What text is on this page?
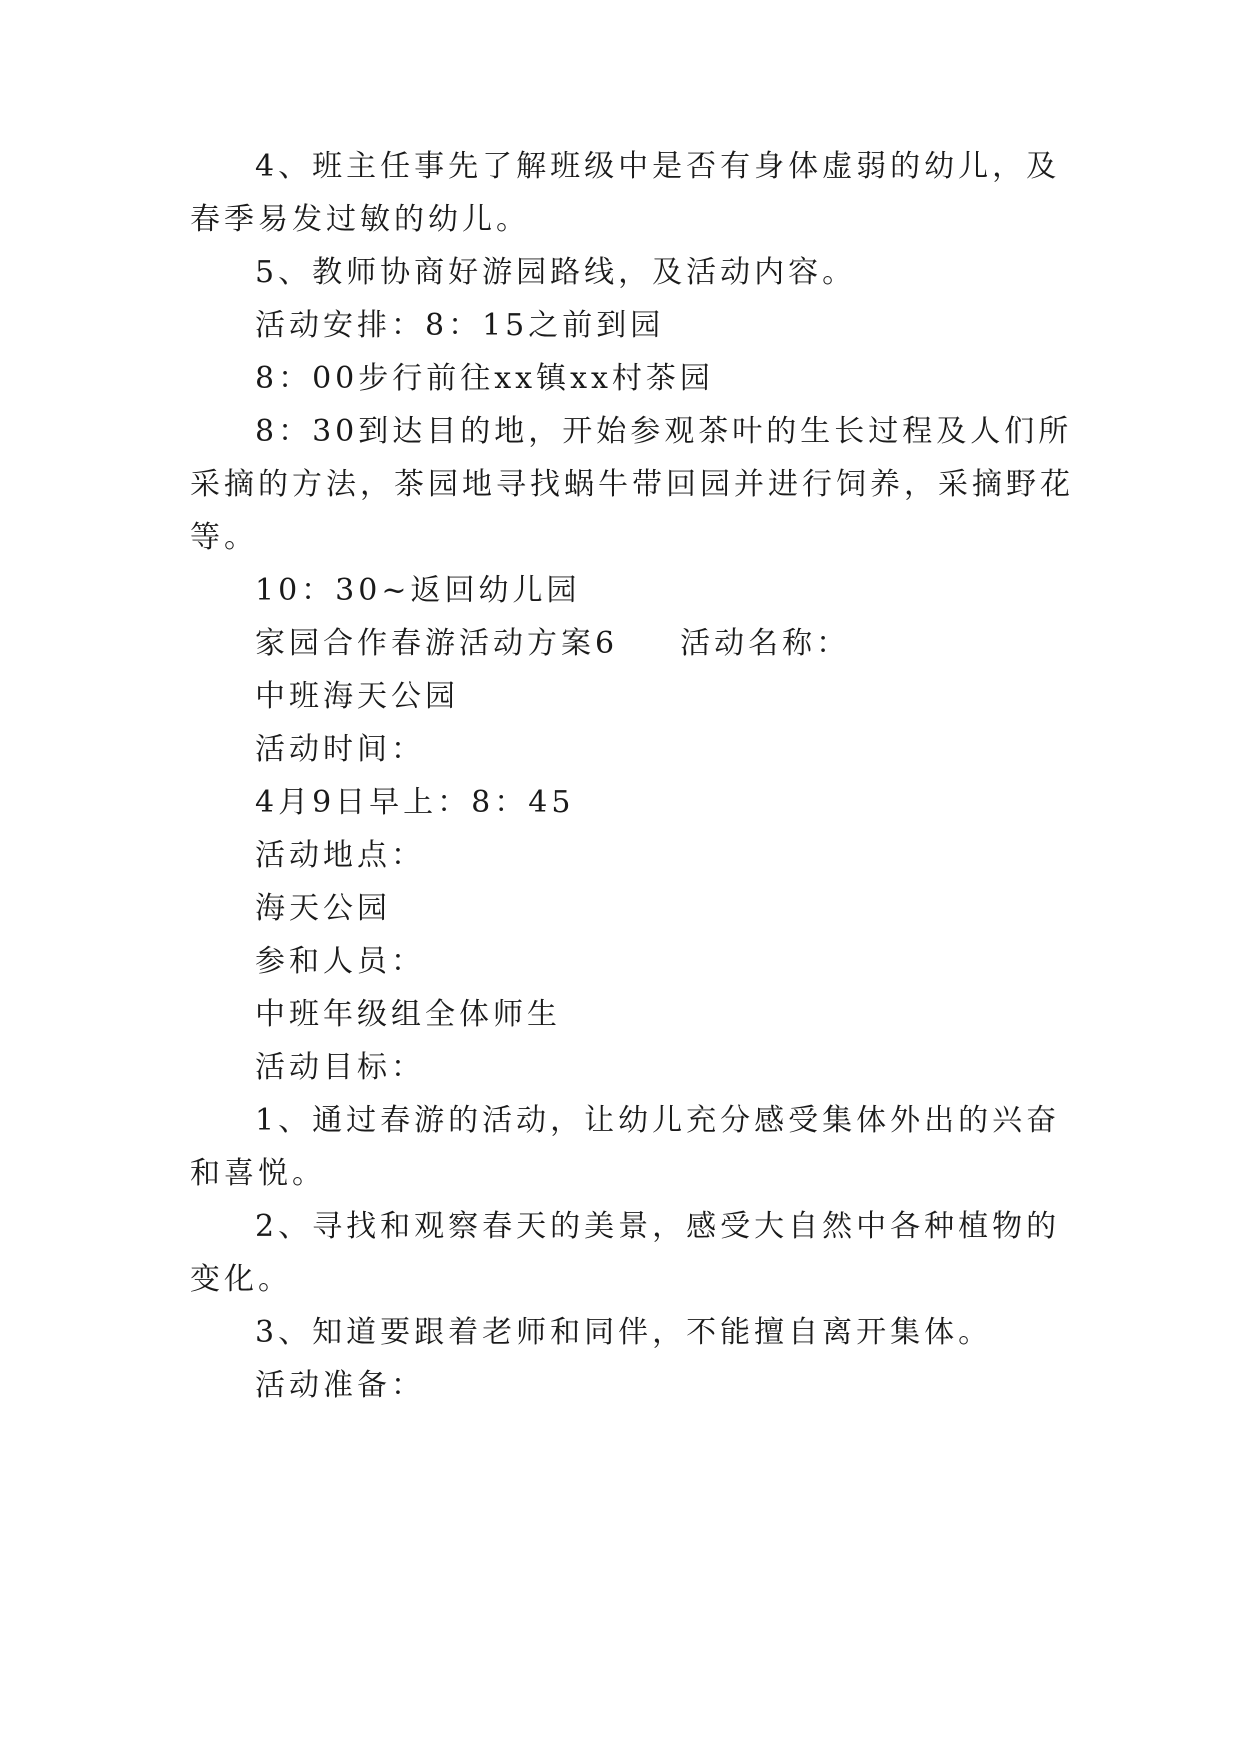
4、班主任事先了解班级中是否有身体虚弱的幼儿，及
春季易发过敏的幼儿。
5、教师协商好游园路线，及活动内容。
活动安排：8：15之前到园
8：00步行前往xx镇xx村茶园
8：30到达目的地，开始参观茶叶的生长过程及人们所
采摘的方法，茶园地寻找蜗牛带回园并进行饲养，采摘野花
等。
10：30~返回幼儿园
家园合作春游活动方案6 活动名称：
中班海天公园
活动时间：
4月9日早上：8：45
活动地点：
海天公园
参和人员：
中班年级组全体师生
活动目标：
1、通过春游的活动，让幼儿充分感受集体外出的兴奋
和喜悦。
2、寻找和观察春天的美景，感受大自然中各种植物的
变化。
3、知道要跟着老师和同伴，不能擅自离开集体。
活动准备：
